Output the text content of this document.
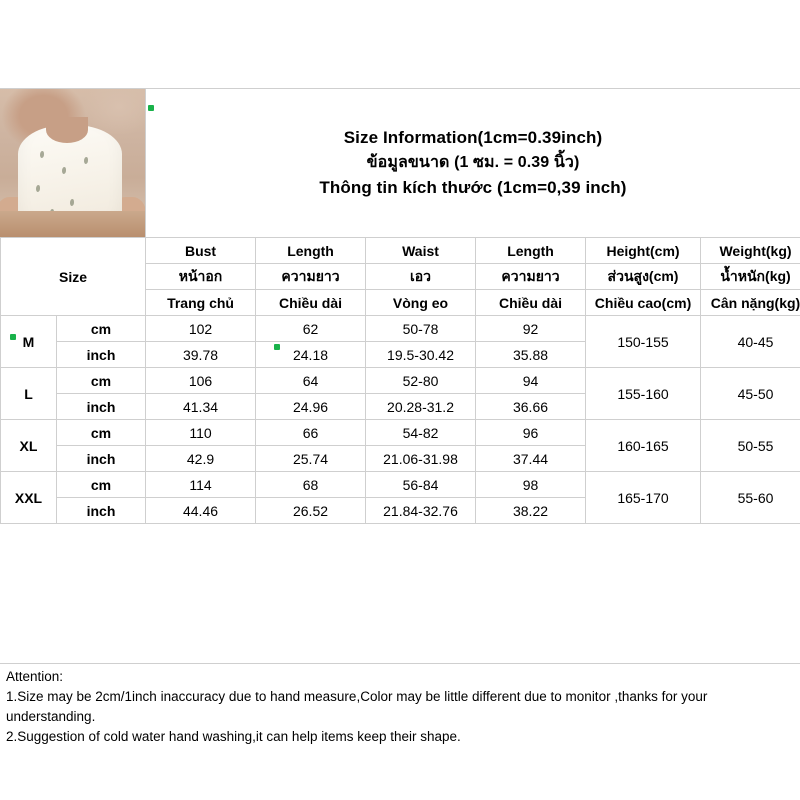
Size Information(1cm=0.39inch)
ข้อมูลขนาด (1 ซม. = 0.39 นิ้ว)
Thông tin kích thước (1cm=0,39 inch)
Size		Bust	Length	Waist	Length	Height(cm)	Weight(kg)
		หน้าอก	ความยาว	เอว	ความยาว	ส่วนสูง(cm)	น้ำหนัก(kg)
		Trang chủ	Chiều dài	Vòng eo	Chiều dài	Chiều cao(cm)	Cân nặng(kg)
M	cm	102	62	50-78	92	150-155	40-45
	inch	39.78	24.18	19.5-30.42	35.88		
L	cm	106	64	52-80	94	155-160	45-50
	inch	41.34	24.96	20.28-31.2	36.66		
XL	cm	110	66	54-82	96	160-165	50-55
	inch	42.9	25.74	21.06-31.98	37.44		
XXL	cm	114	68	56-84	98	165-170	55-60
	inch	44.46	26.52	21.84-32.76	38.22		

Attention:

1.Size may be 2cm/1inch inaccuracy due to hand measure,Color may be little different due to monitor ,thanks for your

understanding.

2.Suggestion of cold water hand washing,it can help items keep their shape.
